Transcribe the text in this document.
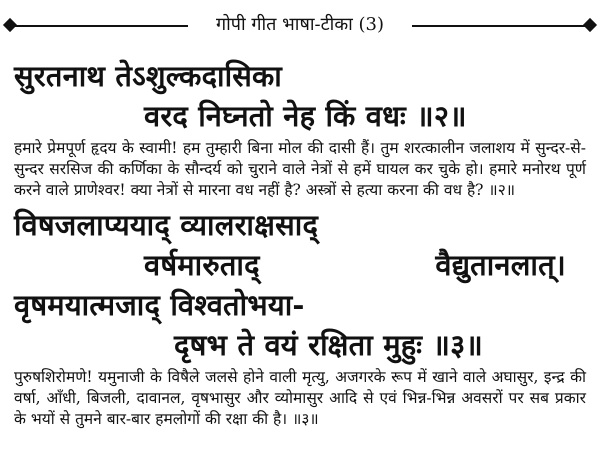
गोपी गीत भाषा-टीका (3)
सुरतनाथ तेऽशुल्कदासिका
वरद निघ्नतो नेह किं वधः ॥२॥

हमारे प्रेमपूर्ण हृदय के स्वामी! हम तुम्हारी बिना मोल की दासी हैं। तुम शरत्कालीन जलाशय में सुन्दर-से-सुन्दर सरसिज की कर्णिका के सौन्दर्य को चुराने वाले नेत्रों से हमें घायल कर चुके हो। हमारे मनोरथ पूर्ण करने वाले प्राणेश्वर! क्या नेत्रों से मारना वध नहीं है? अस्त्रों से हत्या करना की वध है? ॥२॥

विषजलाप्ययाद् व्यालराक्षसाद्
वर्षमारुताद्	वैद्युतानलात्।
वृषमयात्मजाद् विश्वतोभया-
दृषभ ते वयं रक्षिता मुहुः ॥३॥

पुरुषशिरोमणे! यमुनाजी के विषैले जलसे होने वाली मृत्यु, अजगरके रूप में खाने वाले अघासुर, इन्द्र की वर्षा, आँधी, बिजली, दावानल, वृषभासुर और व्योमासुर आदि से एवं भिन्न-भिन्न अवसरों पर सब प्रकार के भयों से तुमने बार-बार हमलोगों की रक्षा की है। ॥३॥
